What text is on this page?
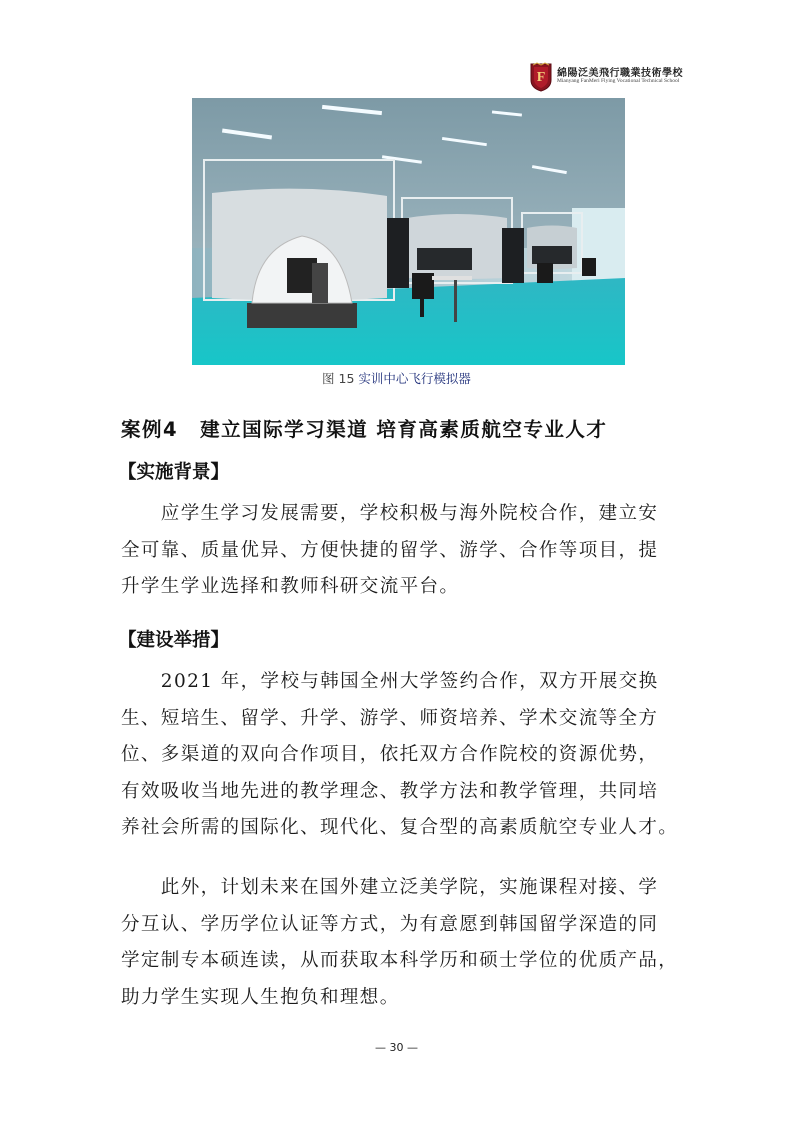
F 綿陽泛美飛行職業技術學校
Mianyang FanMeri Flying Vocational Technical School
图 15 实训中心飞行模拟器
案例4 建立国际学习渠道 培育高素质航空专业人才
【实施背景】
　　应学生学习发展需要，学校积极与海外院校合作，建立安
全可靠、质量优异、方便快捷的留学、游学、合作等项目，提
升学生学业选择和教师科研交流平台。
【建设举措】
　　2021 年，学校与韩国全州大学签约合作，双方开展交换
生、短培生、留学、升学、游学、师资培养、学术交流等全方
位、多渠道的双向合作项目，依托双方合作院校的资源优势，
有效吸收当地先进的教学理念、教学方法和教学管理，共同培
养社会所需的国际化、现代化、复合型的高素质航空专业人才。
　　此外，计划未来在国外建立泛美学院，实施课程对接、学
分互认、学历学位认证等方式，为有意愿到韩国留学深造的同
学定制专本硕连读，从而获取本科学历和硕士学位的优质产品，
助力学生实现人生抱负和理想。
— 30 —
